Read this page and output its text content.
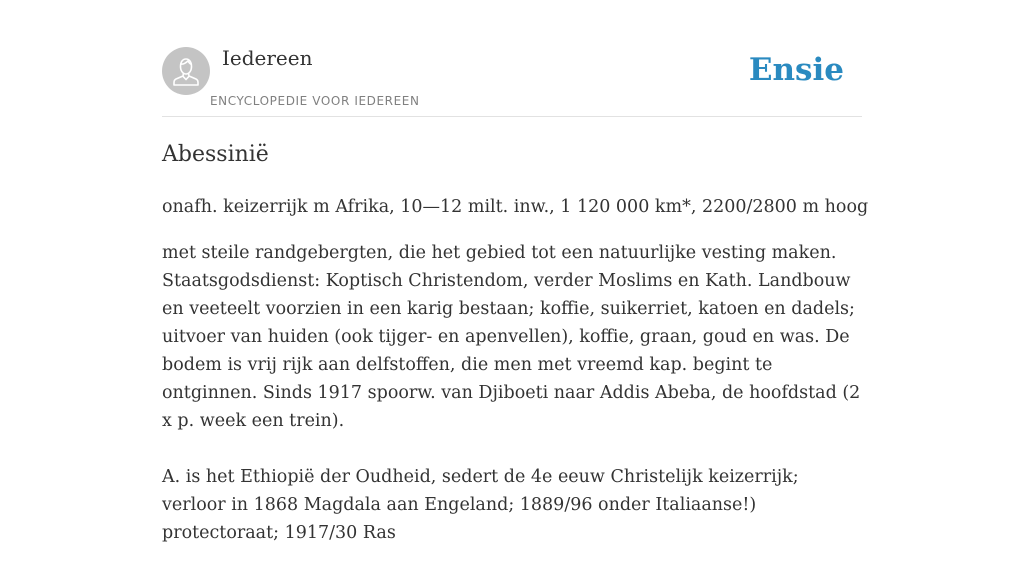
Iedereen
ENCYCLOPEDIE VOOR IEDEREEN
Ensie
Abessinië

onafh. keizerrijk m Afrika, 10—12 milt. inw., 1 120 000 km*, 2200/2800 m hoog

met steile randgebergten, die het gebied tot een natuurlijke vesting maken. Staatsgodsdienst: Koptisch Christendom, verder Moslims en Kath. Landbouw en veeteelt voorzien in een karig bestaan; koffie, suikerriet, katoen en dadels; uitvoer van huiden (ook tijger- en apenvellen), koffie, graan, goud en was. De bodem is vrij rijk aan delfstoffen, die men met vreemd kap. begint te ontginnen. Sinds 1917 spoorw. van Djiboeti naar Addis Abeba, de hoofdstad (2 x p. week een trein).

A. is het Ethiopië der Oudheid, sedert de 4e eeuw Christelijk keizerrijk; verloor in 1868 Magdala aan Engeland; 1889/96 onder Italiaanse!) protectoraat; 1917/30 Ras
